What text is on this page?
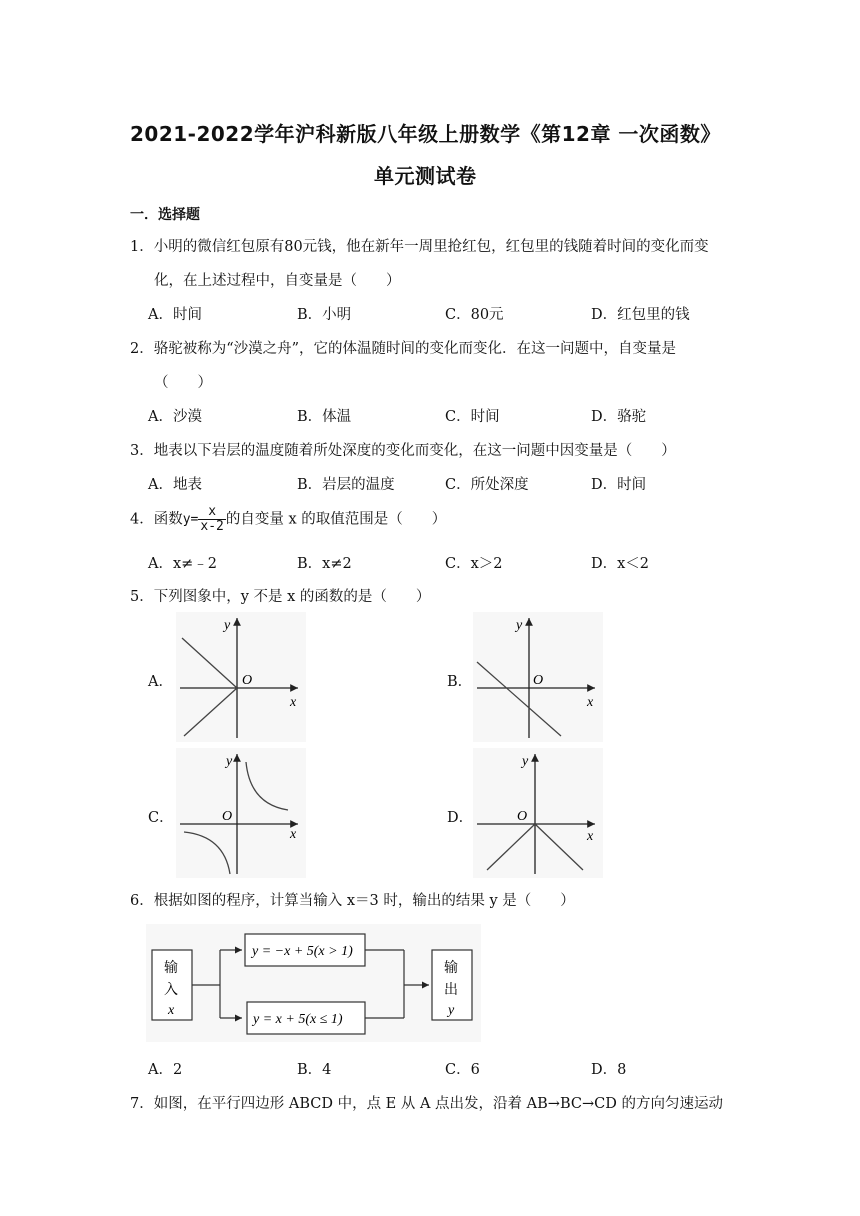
2021-2022学年沪科新版八年级上册数学《第12章 一次函数》
单元测试卷
一．选择题
1．小明的微信红包原有80元钱，他在新年一周里抢红包，红包里的钱随着时间的变化而变
化，在上述过程中，自变量是（　　）
A．时间	B．小明	C．80元	D．红包里的钱
2．骆驼被称为“沙漠之舟”，它的体温随时间的变化而变化．在这一问题中，自变量是
（　　）
A．沙漠	B．体温	C．时间	D．骆驼
3．地表以下岩层的温度随着所处深度的变化而变化，在这一问题中因变量是（　　）
A．地表	B．岩层的温度	C．所处深度	D．时间
4．函数$y= \frac{x}{x-2}$ 的自变量 x 的取值范围是（　　）
A．x≠﹣2	B．x≠2	C．x＞2	D．x＜2
5．下列图象中，y 不是 x 的函数的是（　　）
A．	B．
C．	D．
y
O
x
y
O
x
y
O
x
y
O
x
6．根据如图的程序，计算当输入 x＝3 时，输出的结果 y 是（　　）
输
入
x
y = −x + 5(x > 1)
y = x + 5(x ≤ 1)
输
出
y
A．2	B．4	C．6	D．8
7．如图，在平行四边形 ABCD 中，点 E 从 A 点出发，沿着 AB→BC→CD 的方向匀速运动
